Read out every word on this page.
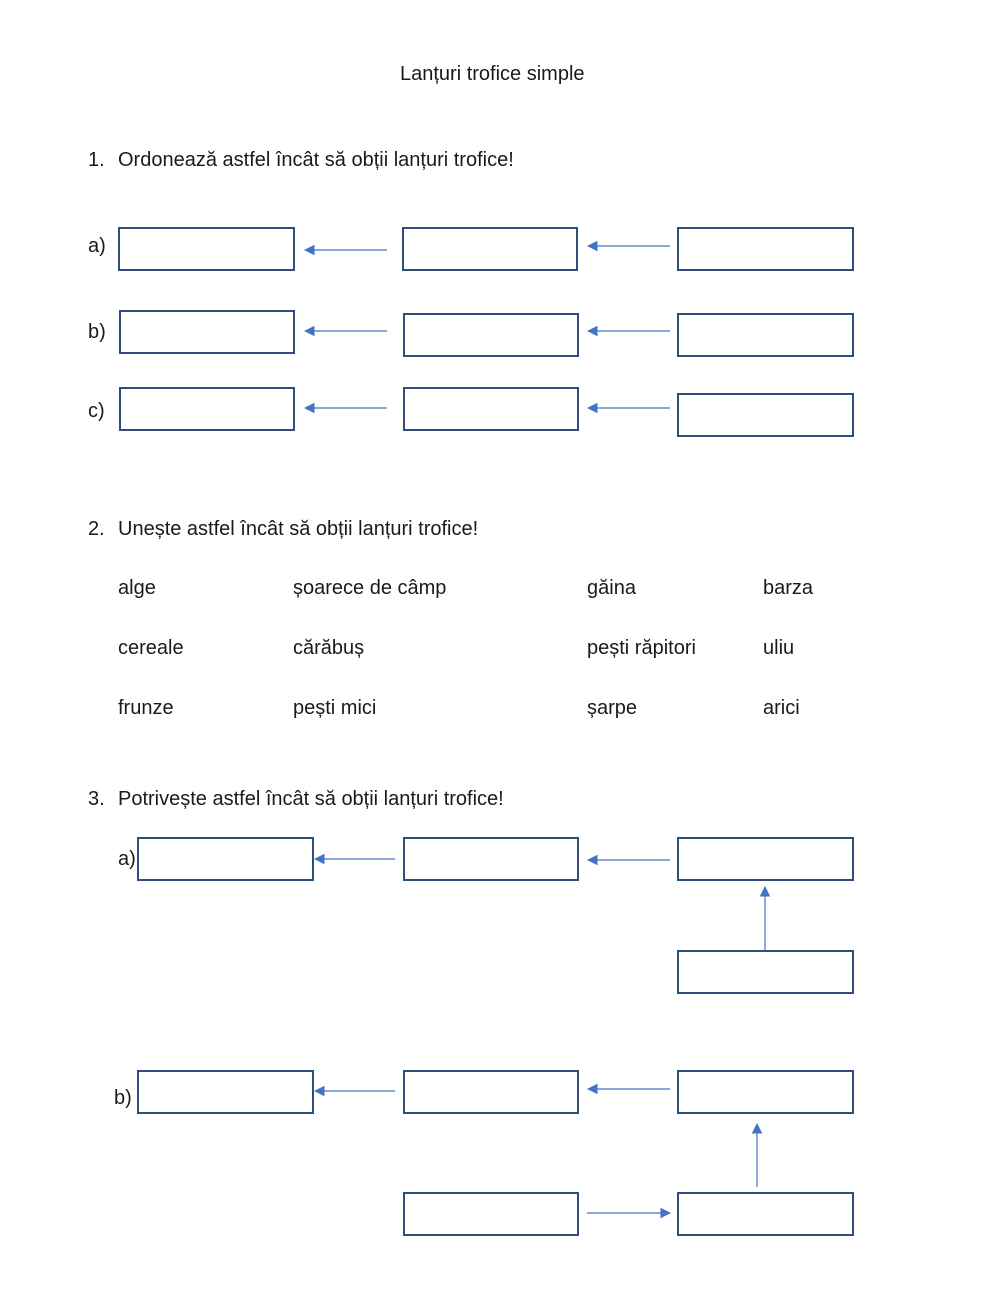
Lanțuri trofice simple
1. Ordonează astfel încât să obții lanțuri trofice!
a)
b)
c)
2. Unește astfel încât să obții lanțuri trofice!
alge	șoarece de câmp	găina	barza
cereale	cărăbuș	pești răpitori	uliu
frunze	pești mici	șarpe	arici
3. Potrivește astfel încât să obții lanțuri trofice!
a)
b)
